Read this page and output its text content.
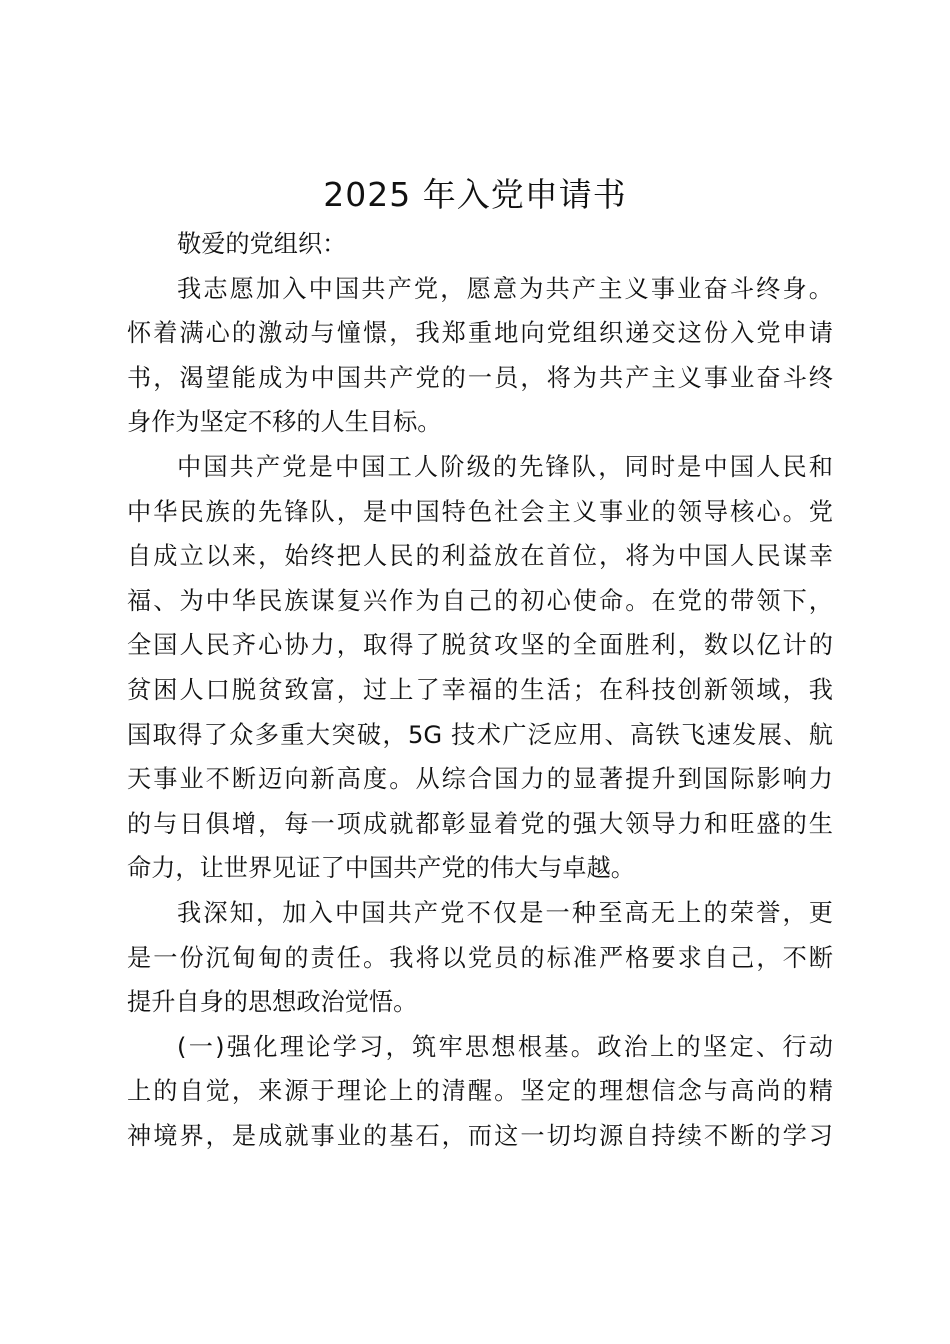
2025 年入党申请书
敬爱的党组织：
我志愿加入中国共产党，愿意为共产主义事业奋斗终身。
怀着满心的激动与憧憬，我郑重地向党组织递交这份入党申请
书，渴望能成为中国共产党的一员，将为共产主义事业奋斗终
身作为坚定不移的人生目标。
中国共产党是中国工人阶级的先锋队，同时是中国人民和
中华民族的先锋队，是中国特色社会主义事业的领导核心。党
自成立以来，始终把人民的利益放在首位，将为中国人民谋幸
福、为中华民族谋复兴作为自己的初心使命。在党的带领下，
全国人民齐心协力，取得了脱贫攻坚的全面胜利，数以亿计的
贫困人口脱贫致富，过上了幸福的生活；在科技创新领域，我
国取得了众多重大突破，5G 技术广泛应用、高铁飞速发展、航
天事业不断迈向新高度。从综合国力的显著提升到国际影响力
的与日俱增，每一项成就都彰显着党的强大领导力和旺盛的生
命力，让世界见证了中国共产党的伟大与卓越。
我深知，加入中国共产党不仅是一种至高无上的荣誉，更
是一份沉甸甸的责任。我将以党员的标准严格要求自己，不断
提升自身的思想政治觉悟。
(一)强化理论学习，筑牢思想根基。政治上的坚定、行动
上的自觉，来源于理论上的清醒。坚定的理想信念与高尚的精
神境界，是成就事业的基石，而这一切均源自持续不断的学习
